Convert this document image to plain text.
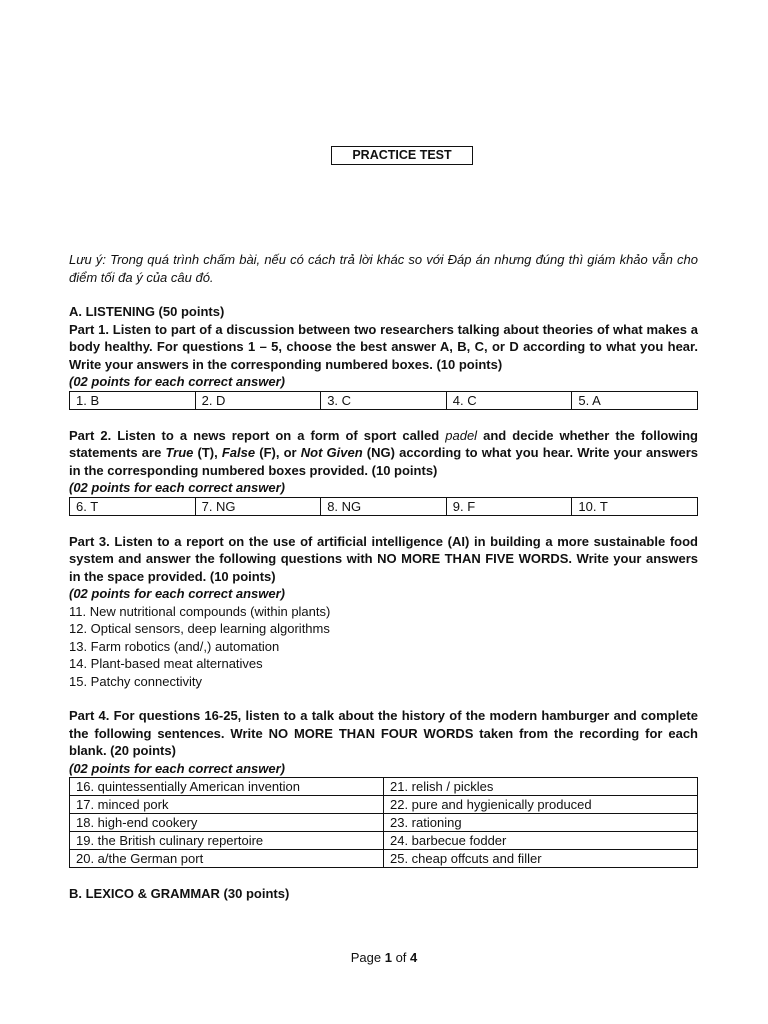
PRACTICE TEST

Lưu ý: Trong quá trình chấm bài, nếu có cách trả lời khác so với Đáp án nhưng đúng thì giám khảo vẫn cho điểm tối đa ý của câu đó.

A. LISTENING (50 points)

Part 1. Listen to part of a discussion between two researchers talking about theories of what makes a body healthy. For questions 1 – 5, choose the best answer A, B, C, or D according to what you hear. Write your answers in the corresponding numbered boxes. (10 points)

(02 points for each correct answer)

1. B	2. D	3. C	4. C	5. A

Part 2. Listen to a news report on a form of sport called padel and decide whether the following statements are True (T), False (F), or Not Given (NG) according to what you hear. Write your answers in the corresponding numbered boxes provided. (10 points)

(02 points for each correct answer)

6. T	7. NG	8. NG	9. F	10. T

Part 3. Listen to a report on the use of artificial intelligence (AI) in building a more sustainable food system and answer the following questions with NO MORE THAN FIVE WORDS. Write your answers in the space provided. (10 points)

(02 points for each correct answer)

11. New nutritional compounds (within plants)

12. Optical sensors, deep learning algorithms

13. Farm robotics (and/,) automation

14. Plant-based meat alternatives

15. Patchy connectivity

Part 4. For questions 16-25, listen to a talk about the history of the modern hamburger and complete the following sentences. Write NO MORE THAN FOUR WORDS taken from the recording for each blank. (20 points)

(02 points for each correct answer)

16. quintessentially American invention	21. relish / pickles
17. minced pork	22. pure and hygienically produced
18. high-end cookery	23. rationing
19. the British culinary repertoire	24. barbecue fodder
20. a/the German port	25. cheap offcuts and filler

B. LEXICO & GRAMMAR (30 points)

Page 1 of 4
